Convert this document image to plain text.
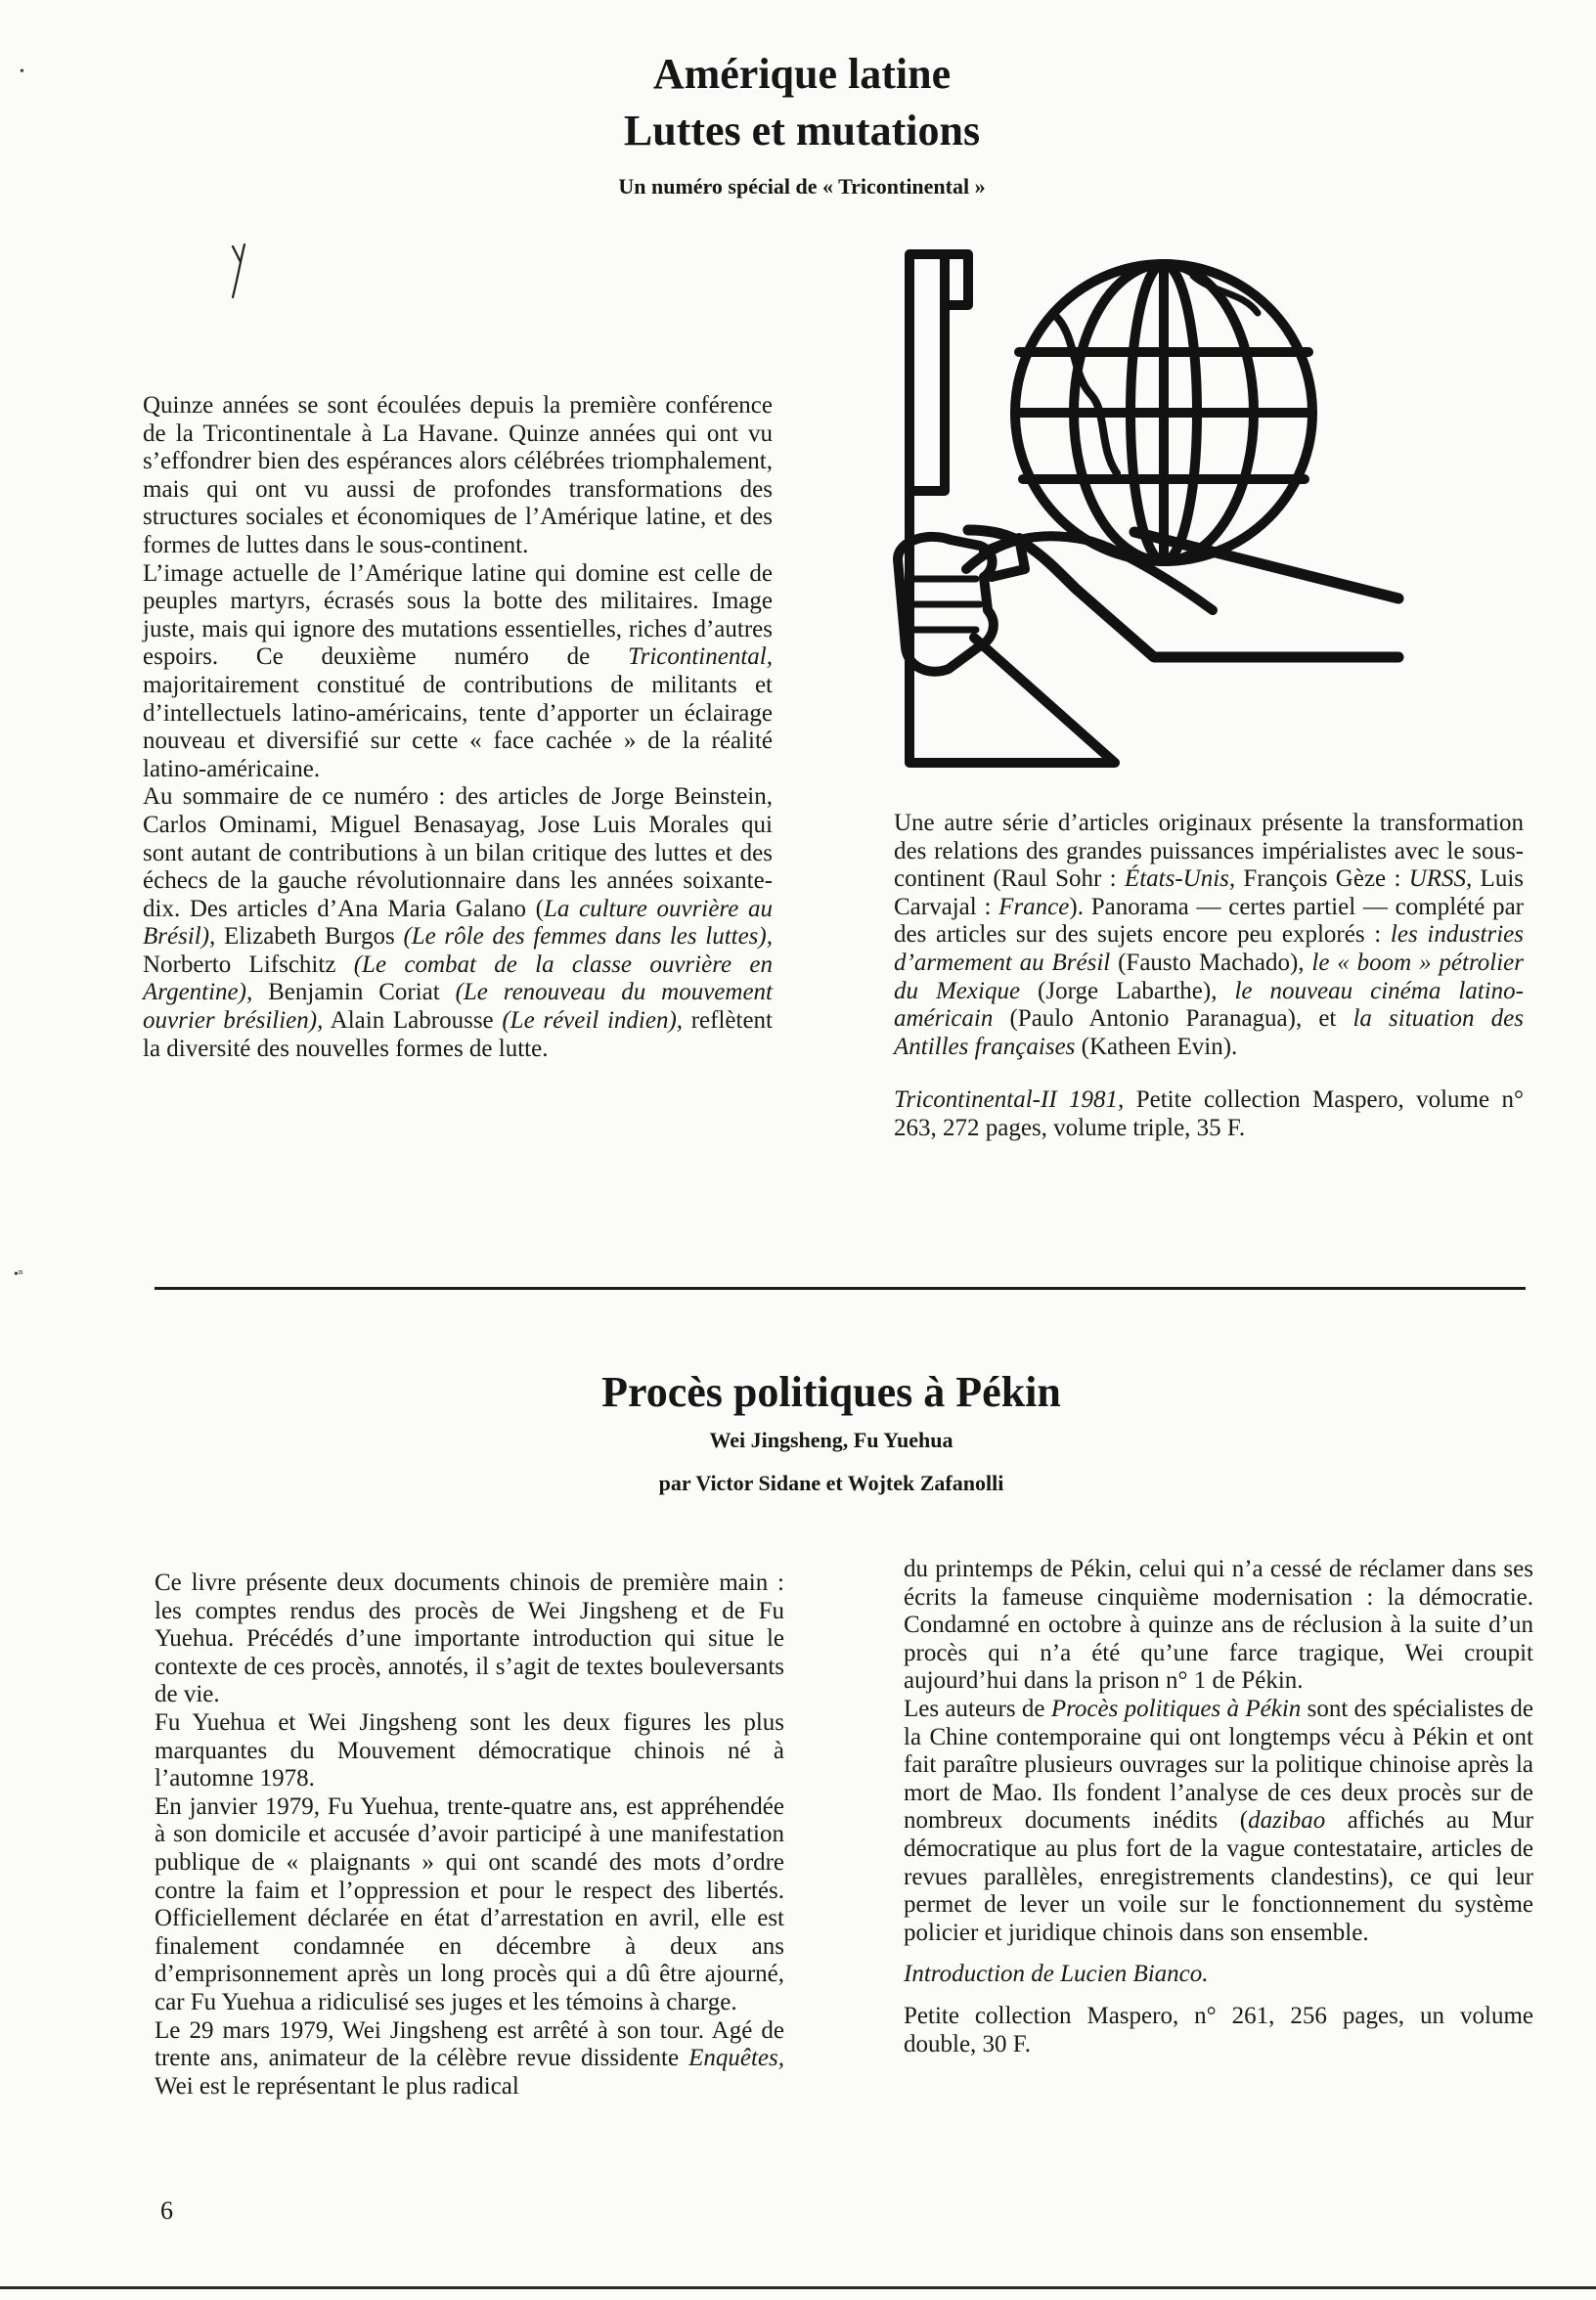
Amérique latine
Luttes et mutations
Un numéro spécial de « Tricontinental »

Quinze années se sont écoulées depuis la première conférence de la Tricontinentale à La Havane. Quinze années qui ont vu s’effondrer bien des espérances alors célébrées triomphalement, mais qui ont vu aussi de profondes transformations des structures sociales et économiques de l’Amérique latine, et des formes de luttes dans le sous-continent.

L’image actuelle de l’Amérique latine qui domine est celle de peuples martyrs, écrasés sous la botte des militaires. Image juste, mais qui ignore des mutations essentielles, riches d’autres espoirs. Ce deuxième numéro de Tricontinental, majoritairement constitué de contributions de militants et d’intellectuels latino-américains, tente d’apporter un éclairage nouveau et diversifié sur cette « face cachée » de la réalité latino-américaine.

Au sommaire de ce numéro : des articles de Jorge Beinstein, Carlos Ominami, Miguel Benasayag, Jose Luis Morales qui sont autant de contributions à un bilan critique des luttes et des échecs de la gauche révolutionnaire dans les années soixante-dix. Des articles d’Ana Maria Galano (La culture ouvrière au Brésil), Elizabeth Burgos (Le rôle des femmes dans les luttes), Norberto Lifschitz (Le combat de la classe ouvrière en Argentine), Benjamin Coriat (Le renouveau du mouvement ouvrier brésilien), Alain Labrousse (Le réveil indien), reflètent la diversité des nouvelles formes de lutte.

Une autre série d’articles originaux présente la transformation des relations des grandes puissances impérialistes avec le sous-continent (Raul Sohr : États-Unis, François Gèze : URSS, Luis Carvajal : France). Panorama — certes partiel — complété par des articles sur des sujets encore peu explorés : les industries d’armement au Brésil (Fausto Machado), le « boom » pétrolier du Mexique (Jorge Labarthe), le nouveau cinéma latino-américain (Paulo Antonio Paranagua), et la situation des Antilles françaises (Katheen Evin).

Tricontinental-II 1981, Petite collection Maspero, volume n° 263, 272 pages, volume triple, 35 F.

•
•ⁿ
Procès politiques à Pékin
Wei Jingsheng, Fu Yuehua
par Victor Sidane et Wojtek Zafanolli

Ce livre présente deux documents chinois de première main : les comptes rendus des procès de Wei Jingsheng et de Fu Yuehua. Précédés d’une importante introduction qui situe le contexte de ces procès, annotés, il s’agit de textes bouleversants de vie.

Fu Yuehua et Wei Jingsheng sont les deux figures les plus marquantes du Mouvement démocratique chinois né à l’automne 1978.

En janvier 1979, Fu Yuehua, trente-quatre ans, est appréhendée à son domicile et accusée d’avoir participé à une manifestation publique de « plaignants » qui ont scandé des mots d’ordre contre la faim et l’oppression et pour le respect des libertés. Officiellement déclarée en état d’arrestation en avril, elle est finalement condamnée en décembre à deux ans d’emprisonnement après un long procès qui a dû être ajourné, car Fu Yuehua a ridiculisé ses juges et les témoins à charge.

Le 29 mars 1979, Wei Jingsheng est arrêté à son tour. Agé de trente ans, animateur de la célèbre revue dissidente Enquêtes, Wei est le représentant le plus radical

du printemps de Pékin, celui qui n’a cessé de réclamer dans ses écrits la fameuse cinquième modernisation : la démocratie. Condamné en octobre à quinze ans de réclusion à la suite d’un procès qui n’a été qu’une farce tragique, Wei croupit aujourd’hui dans la prison n° 1 de Pékin.

Les auteurs de Procès politiques à Pékin sont des spécialistes de la Chine contemporaine qui ont longtemps vécu à Pékin et ont fait paraître plusieurs ouvrages sur la politique chinoise après la mort de Mao. Ils fondent l’analyse de ces deux procès sur de nombreux documents inédits (dazibao affichés au Mur démocratique au plus fort de la vague contestataire, articles de revues parallèles, enregistrements clandestins), ce qui leur permet de lever un voile sur le fonctionnement du système policier et juridique chinois dans son ensemble.

Introduction de Lucien Bianco.

Petite collection Maspero, n° 261, 256 pages, un volume double, 30 F.

6
